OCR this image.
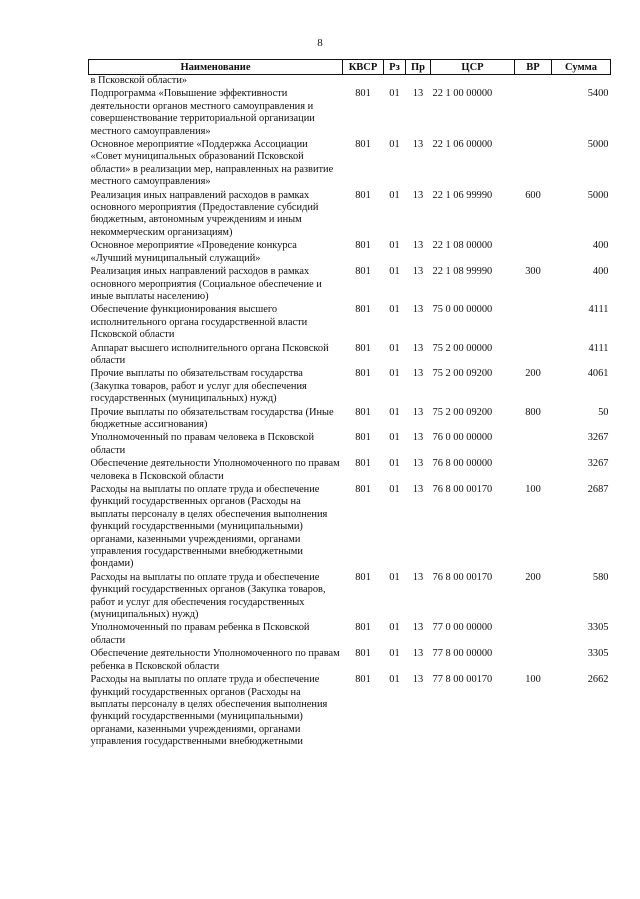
8
Наименование	КВСР	Рз	Пр	ЦСР	ВР	Сумма
в Псковской области»						
Подпрограмма «Повышение эффективности деятельности органов местного самоуправления и совершенствование территориальной организации местного самоуправления»	801	01	13	22 1 00 00000		5400
Основное мероприятие «Поддержка Ассоциации «Совет муниципальных образований Псковской области» в реализации мер, направленных на развитие местного самоуправления»	801	01	13	22 1 06 00000		5000
Реализация иных направлений расходов в рамках основного мероприятия (Предоставление субсидий бюджетным, автономным учреждениям и иным некоммерческим организациям)	801	01	13	22 1 06 99990	600	5000
Основное мероприятие «Проведение конкурса «Лучший муниципальный служащий»	801	01	13	22 1 08 00000		400
Реализация иных направлений расходов в рамках основного мероприятия (Социальное обеспечение и иные выплаты населению)	801	01	13	22 1 08 99990	300	400
Обеспечение функционирования высшего исполнительного органа государственной власти Псковской области	801	01	13	75 0 00 00000		4111
Аппарат высшего исполнительного органа Псковской области	801	01	13	75 2 00 00000		4111
Прочие выплаты по обязательствам государства (Закупка товаров, работ и услуг для обеспечения государственных (муниципальных) нужд)	801	01	13	75 2 00 09200	200	4061
Прочие выплаты по обязательствам государства (Иные бюджетные ассигнования)	801	01	13	75 2 00 09200	800	50
Уполномоченный по правам человека в Псковской области	801	01	13	76 0 00 00000		3267
Обеспечение деятельности Уполномоченного по правам человека в Псковской области	801	01	13	76 8 00 00000		3267
Расходы на выплаты по оплате труда и обеспечение функций государственных органов (Расходы на выплаты персоналу в целях обеспечения выполнения функций государственными (муниципальными) органами, казенными учреждениями, органами управления государственными внебюджетными фондами)	801	01	13	76 8 00 00170	100	2687
Расходы на выплаты по оплате труда и обеспечение функций государственных органов (Закупка товаров, работ и услуг для обеспечения государственных (муниципальных) нужд)	801	01	13	76 8 00 00170	200	580
Уполномоченный по правам ребенка в Псковской области	801	01	13	77 0 00 00000		3305
Обеспечение деятельности Уполномоченного по правам ребенка в Псковской области	801	01	13	77 8 00 00000		3305
Расходы на выплаты по оплате труда и обеспечение функций государственных органов (Расходы на выплаты персоналу в целях обеспечения выполнения функций государственными (муниципальными) органами, казенными учреждениями, органами управления государственными внебюджетными	801	01	13	77 8 00 00170	100	2662
